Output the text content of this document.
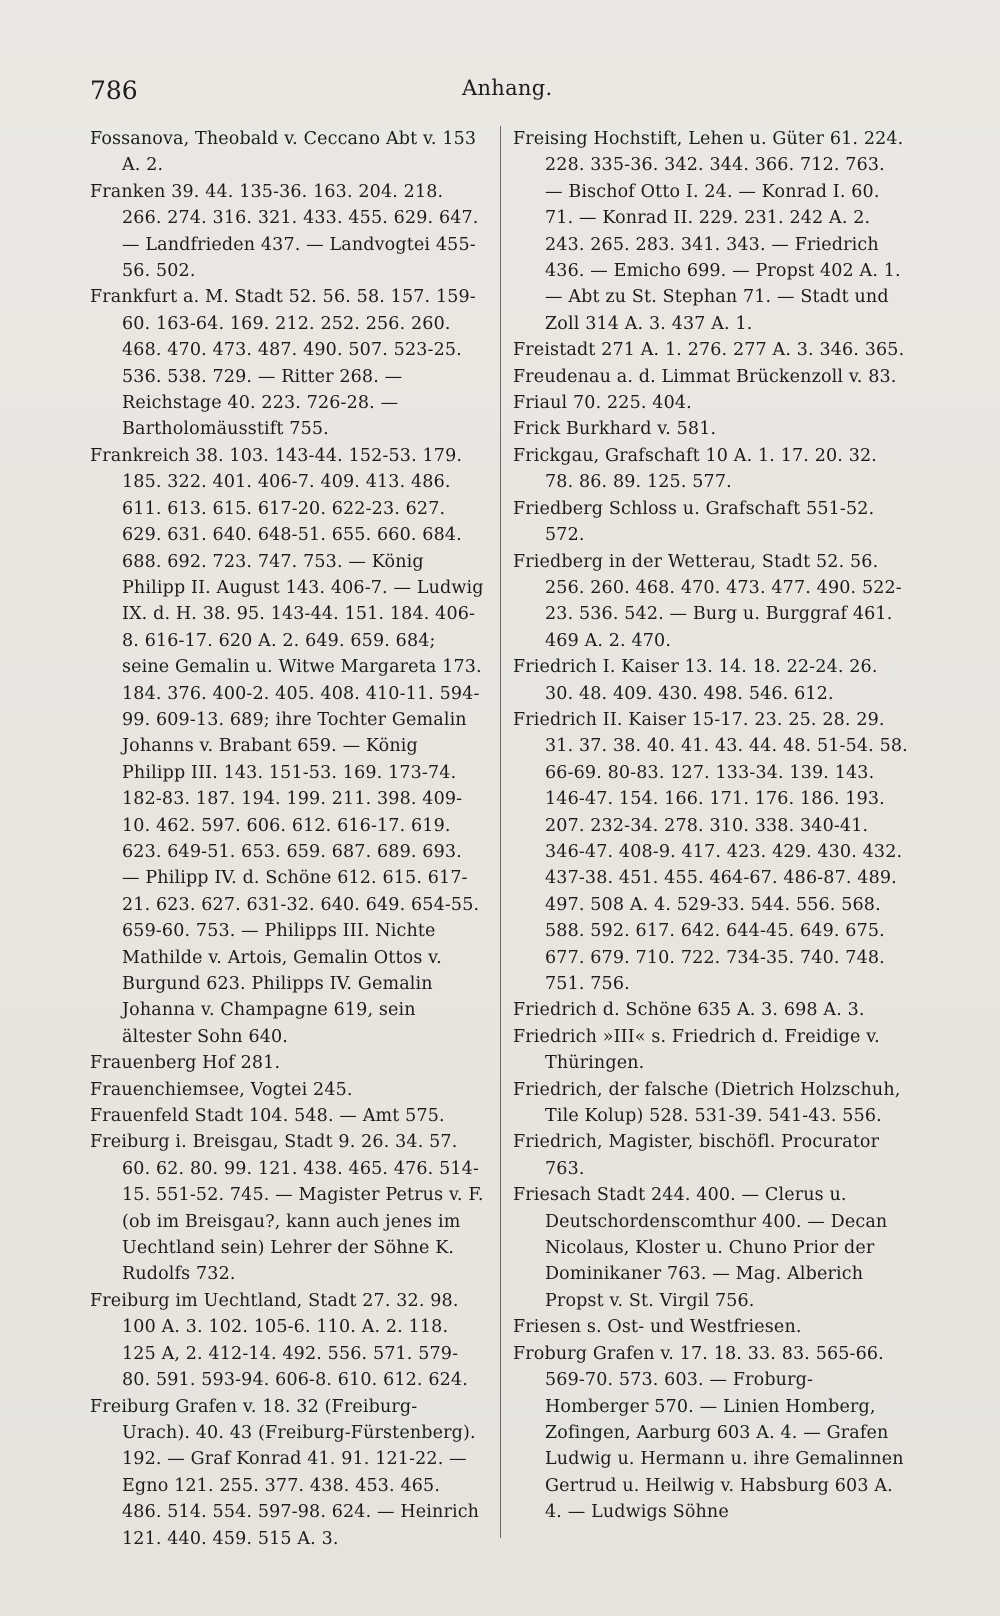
786	Anhang.

Fossanova, Theobald v. Ceccano Abt v. 153 A. 2.

Franken 39. 44. 135-36. 163. 204. 218. 266. 274. 316. 321. 433. 455. 629. 647. — Landfrieden 437. — Landvogtei 455-56. 502.

Frankfurt a. M. Stadt 52. 56. 58. 157. 159-60. 163-64. 169. 212. 252. 256. 260. 468. 470. 473. 487. 490. 507. 523-25. 536. 538. 729. — Ritter 268. — Reichstage 40. 223. 726-28. — Bartholomäusstift 755.

Frankreich 38. 103. 143-44. 152-53. 179. 185. 322. 401. 406-7. 409. 413. 486. 611. 613. 615. 617-20. 622-23. 627. 629. 631. 640. 648-51. 655. 660. 684. 688. 692. 723. 747. 753. — König Philipp II. August 143. 406-7. — Ludwig IX. d. H. 38. 95. 143-44. 151. 184. 406-8. 616-17. 620 A. 2. 649. 659. 684; seine Gemalin u. Witwe Margareta 173. 184. 376. 400-2. 405. 408. 410-11. 594-99. 609-13. 689; ihre Tochter Gemalin Johanns v. Brabant 659. — König Philipp III. 143. 151-53. 169. 173-74. 182-83. 187. 194. 199. 211. 398. 409-10. 462. 597. 606. 612. 616-17. 619. 623. 649-51. 653. 659. 687. 689. 693. — Philipp IV. d. Schöne 612. 615. 617-21. 623. 627. 631-32. 640. 649. 654-55. 659-60. 753. — Philipps III. Nichte Mathilde v. Artois, Gemalin Ottos v. Burgund 623. Philipps IV. Gemalin Johanna v. Champagne 619, sein ältester Sohn 640.

Frauenberg Hof 281.

Frauenchiemsee, Vogtei 245.

Frauenfeld Stadt 104. 548. — Amt 575.

Freiburg i. Breisgau, Stadt 9. 26. 34. 57. 60. 62. 80. 99. 121. 438. 465. 476. 514-15. 551-52. 745. — Magister Petrus v. F. (ob im Breisgau?, kann auch jenes im Uechtland sein) Lehrer der Söhne K. Rudolfs 732.

Freiburg im Uechtland, Stadt 27. 32. 98. 100 A. 3. 102. 105-6. 110. A. 2. 118. 125 A, 2. 412-14. 492. 556. 571. 579-80. 591. 593-94. 606-8. 610. 612. 624.

Freiburg Grafen v. 18. 32 (Freiburg-Urach). 40. 43 (Freiburg-Fürstenberg). 192. — Graf Konrad 41. 91. 121-22. — Egno 121. 255. 377. 438. 453. 465. 486. 514. 554. 597-98. 624. — Heinrich 121. 440. 459. 515 A. 3.

Freising Hochstift, Lehen u. Güter 61. 224. 228. 335-36. 342. 344. 366. 712. 763. — Bischof Otto I. 24. — Konrad I. 60. 71. — Konrad II. 229. 231. 242 A. 2. 243. 265. 283. 341. 343. — Friedrich 436. — Emicho 699. — Propst 402 A. 1. — Abt zu St. Stephan 71. — Stadt und Zoll 314 A. 3. 437 A. 1.

Freistadt 271 A. 1. 276. 277 A. 3. 346. 365.

Freudenau a. d. Limmat Brückenzoll v. 83.

Friaul 70. 225. 404.

Frick Burkhard v. 581.

Frickgau, Grafschaft 10 A. 1. 17. 20. 32. 78. 86. 89. 125. 577.

Friedberg Schloss u. Grafschaft 551-52. 572.

Friedberg in der Wetterau, Stadt 52. 56. 256. 260. 468. 470. 473. 477. 490. 522-23. 536. 542. — Burg u. Burggraf 461. 469 A. 2. 470.

Friedrich I. Kaiser 13. 14. 18. 22-24. 26. 30. 48. 409. 430. 498. 546. 612.

Friedrich II. Kaiser 15-17. 23. 25. 28. 29. 31. 37. 38. 40. 41. 43. 44. 48. 51-54. 58. 66-69. 80-83. 127. 133-34. 139. 143. 146-47. 154. 166. 171. 176. 186. 193. 207. 232-34. 278. 310. 338. 340-41. 346-47. 408-9. 417. 423. 429. 430. 432. 437-38. 451. 455. 464-67. 486-87. 489. 497. 508 A. 4. 529-33. 544. 556. 568. 588. 592. 617. 642. 644-45. 649. 675. 677. 679. 710. 722. 734-35. 740. 748. 751. 756.

Friedrich d. Schöne 635 A. 3. 698 A. 3.

Friedrich »III« s. Friedrich d. Freidige v. Thüringen.

Friedrich, der falsche (Dietrich Holzschuh, Tile Kolup) 528. 531-39. 541-43. 556.

Friedrich, Magister, bischöfl. Procurator 763.

Friesach Stadt 244. 400. — Clerus u. Deutschordenscomthur 400. — Decan Nicolaus, Kloster u. Chuno Prior der Dominikaner 763. — Mag. Alberich Propst v. St. Virgil 756.

Friesen s. Ost- und Westfriesen.

Froburg Grafen v. 17. 18. 33. 83. 565-66. 569-70. 573. 603. — Froburg-Homberger 570. — Linien Homberg, Zofingen, Aarburg 603 A. 4. — Grafen Ludwig u. Hermann u. ihre Gemalinnen Gertrud u. Heilwig v. Habsburg 603 A. 4. — Ludwigs Söhne
